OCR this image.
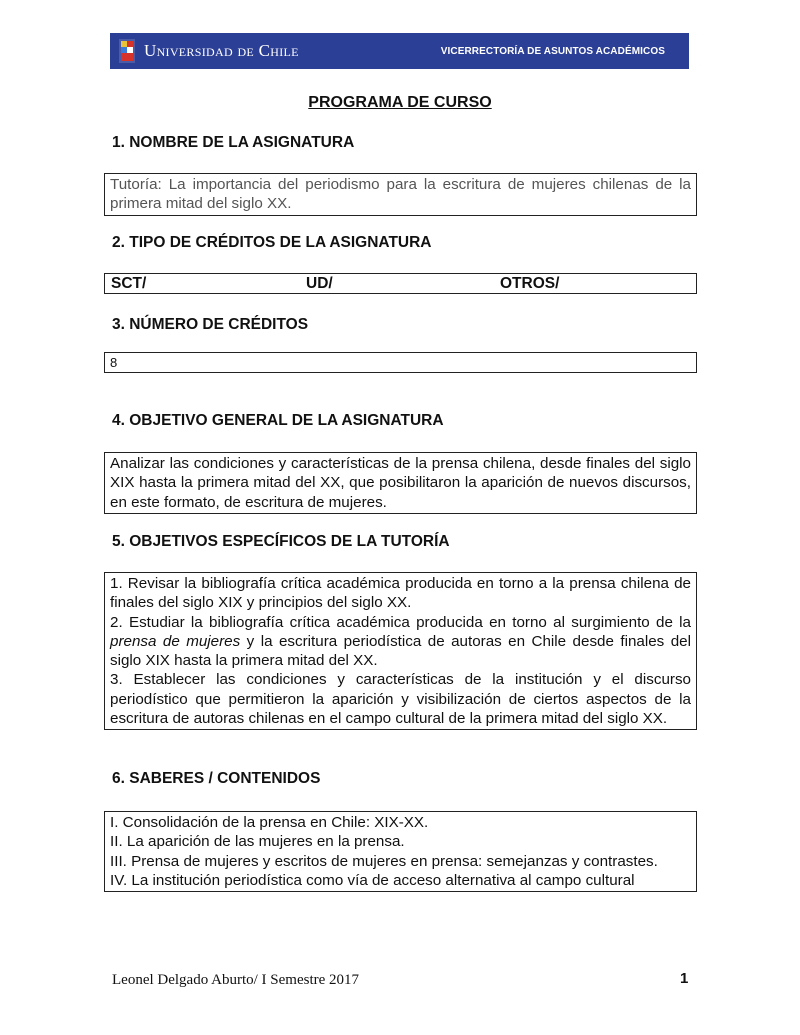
Universidad de Chile	VICERRECTORÍA DE ASUNTOS ACADÉMICOS
PROGRAMA DE CURSO
1. NOMBRE DE LA ASIGNATURA

Tutoría: La importancia del periodismo para la escritura de mujeres chilenas de la primera mitad del siglo XX.

2. TIPO DE CRÉDITOS DE LA ASIGNATURA
SCT/	UD/	OTROS/
3. NÚMERO DE CRÉDITOS
8
4. OBJETIVO GENERAL DE LA ASIGNATURA

Analizar las condiciones y características de la prensa chilena, desde finales del siglo XIX hasta la primera mitad del XX, que posibilitaron la aparición de nuevos discursos, en este formato, de escritura de mujeres.

5. OBJETIVOS ESPECÍFICOS DE LA TUTORÍA

1. Revisar la bibliografía crítica académica producida en torno a la prensa chilena de finales del siglo XIX y principios del siglo XX.

2. Estudiar la bibliografía crítica académica producida en torno al surgimiento de la prensa de mujeres y la escritura periodística de autoras en Chile desde finales del siglo XIX hasta la primera mitad del XX.

3. Establecer las condiciones y características de la institución y el discurso periodístico que permitieron la aparición y visibilización de ciertos aspectos de la escritura de autoras chilenas en el campo cultural de la primera mitad del siglo XX.

6. SABERES / CONTENIDOS

I. Consolidación de la prensa en Chile: XIX-XX.

II. La aparición de las mujeres en la prensa.

III. Prensa de mujeres y escritos de mujeres en prensa: semejanzas y contrastes.

IV. La institución periodística como vía de acceso alternativa al campo cultural

Leonel Delgado Aburto/ I Semestre 2017	1
